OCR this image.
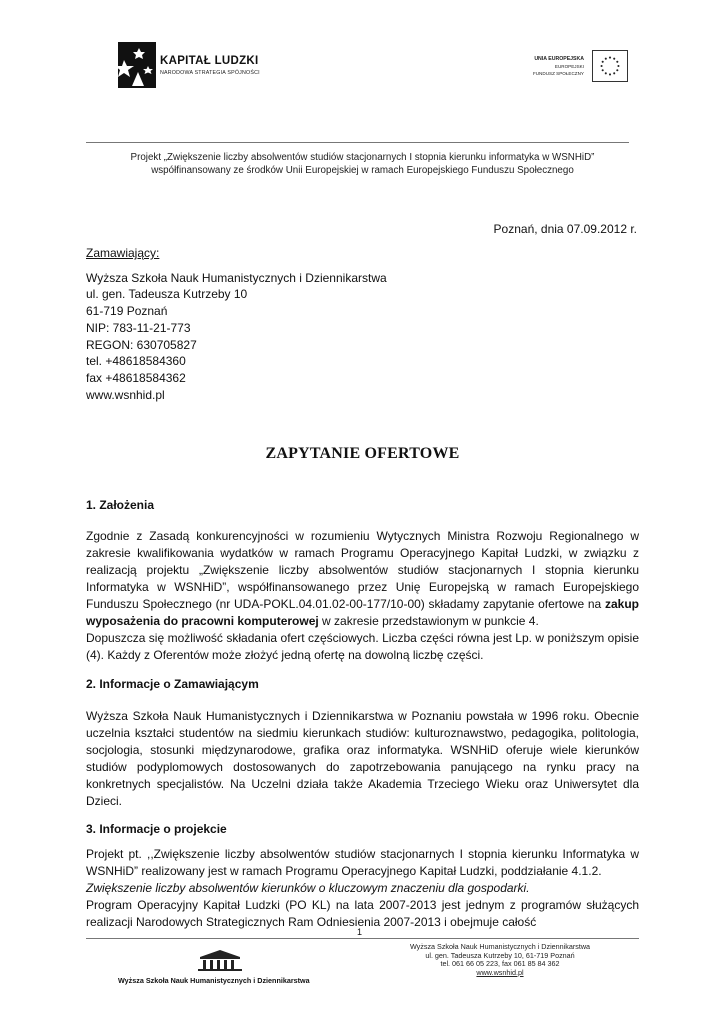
KAPITAŁ LUDZKI
NARODOWA STRATEGIA SPÓJNOŚCI
UNIA EUROPEJSKA
EUROPEJSKI
FUNDUSZ SPOŁECZNY
Projekt „Zwiększenie liczby absolwentów studiów stacjonarnych I stopnia kierunku informatyka w WSNHiD”
współfinansowany ze środków Unii Europejskiej w ramach Europejskiego Funduszu Społecznego
Poznań, dnia 07.09.2012 r.
Zamawiający:
Wyższa Szkoła Nauk Humanistycznych i Dziennikarstwa
ul. gen. Tadeusza Kutrzeby 10
61-719 Poznań
NIP: 783-11-21-773
REGON: 630705827
tel. +48618584360
fax +48618584362
www.wsnhid.pl
ZAPYTANIE OFERTOWE
1. Założenia

Zgodnie z Zasadą konkurencyjności w rozumieniu Wytycznych Ministra Rozwoju Regionalnego w zakresie kwalifikowania wydatków w ramach Programu Operacyjnego Kapitał Ludzki, w związku z realizacją projektu „Zwiększenie liczby absolwentów studiów stacjonarnych I stopnia kierunku Informatyka w WSNHiD”, współfinansowanego przez Unię Europejską w ramach Europejskiego Funduszu Społecznego (nr UDA-POKL.04.01.02-00-177/10-00) składamy zapytanie ofertowe na zakup wyposażenia do pracowni komputerowej w zakresie przedstawionym w punkcie 4.

Dopuszcza się możliwość składania ofert częściowych. Liczba części równa jest Lp. w poniższym opisie (4). Każdy z Oferentów może złożyć jedną ofertę na dowolną liczbę części.

2. Informacje o Zamawiającym
Wyższa Szkoła Nauk Humanistycznych i Dziennikarstwa w Poznaniu powstała w 1996 roku. Obecnie uczelnia kształci studentów na siedmiu kierunkach studiów: kulturoznawstwo, pedagogika, politologia, socjologia, stosunki międzynarodowe, grafika oraz informatyka. WSNHiD oferuje wiele kierunków studiów podyplomowych dostosowanych do zapotrzebowania panującego na rynku pracy na konkretnych specjalistów. Na Uczelni działa także Akademia Trzeciego Wieku oraz Uniwersytet dla Dzieci.
3. Informacje o projekcie

Projekt pt. ,,Zwiększenie liczby absolwentów studiów stacjonarnych I stopnia kierunku Informatyka w WSNHiD” realizowany jest w ramach Programu Operacyjnego Kapitał Ludzki, poddziałanie 4.1.2.

Zwiększenie liczby absolwentów kierunków o kluczowym znaczeniu dla gospodarki.

Program Operacyjny Kapitał Ludzki (PO KL) na lata 2007-2013 jest jednym z programów służących realizacji Narodowych Strategicznych Ram Odniesienia 2007-2013 i obejmuje całość

1
Wyższa Szkoła Nauk Humanistycznych i Dziennikarstwa
Wyższa Szkoła Nauk Humanistycznych i Dziennikarstwa
ul. gen. Tadeusza Kutrzeby 10, 61-719 Poznań
tel. 061 66 05 223, fax 061 85 84 362
www.wsnhid.pl
